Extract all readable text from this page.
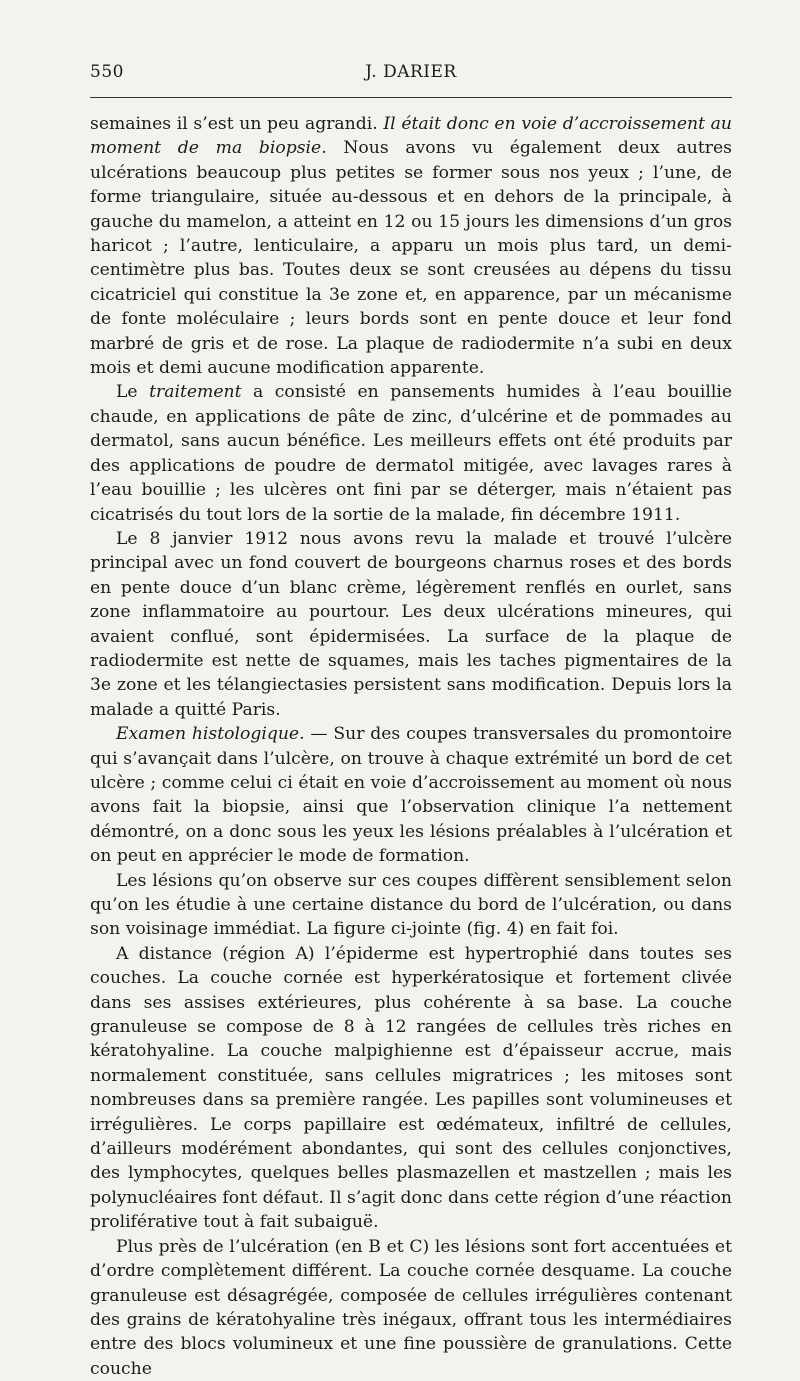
550	J. DARIER

semaines il s’est un peu agrandi. Il était donc en voie d’accroissement au moment de ma biopsie. Nous avons vu également deux autres ulcérations beaucoup plus petites se former sous nos yeux ; l’une, de forme triangulaire, située au-dessous et en dehors de la principale, à gauche du mamelon, a atteint en 12 ou 15 jours les dimensions d’un gros haricot ; l’autre, lenticulaire, a apparu un mois plus tard, un demi-centimètre plus bas. Toutes deux se sont creusées au dépens du tissu cicatriciel qui constitue la 3e zone et, en apparence, par un mécanisme de fonte moléculaire ; leurs bords sont en pente douce et leur fond marbré de gris et de rose. La plaque de radiodermite n’a subi en deux mois et demi aucune modification apparente.

Le traitement a consisté en pansements humides à l’eau bouillie chaude, en applications de pâte de zinc, d’ulcérine et de pommades au dermatol, sans aucun bénéfice. Les meilleurs effets ont été produits par des applications de poudre de dermatol mitigée, avec lavages rares à l’eau bouillie ; les ulcères ont fini par se déterger, mais n’étaient pas cicatrisés du tout lors de la sortie de la malade, fin décembre 1911.

Le 8 janvier 1912 nous avons revu la malade et trouvé l’ulcère principal avec un fond couvert de bourgeons charnus roses et des bords en pente douce d’un blanc crème, légèrement renflés en ourlet, sans zone inflammatoire au pourtour. Les deux ulcérations mineures, qui avaient conflué, sont épidermisées. La surface de la plaque de radiodermite est nette de squames, mais les taches pigmentaires de la 3e zone et les télangiectasies persistent sans modification. Depuis lors la malade a quitté Paris.

Examen histologique. — Sur des coupes transversales du promontoire qui s’avançait dans l’ulcère, on trouve à chaque extrémité un bord de cet ulcère ; comme celui ci était en voie d’accroissement au moment où nous avons fait la biopsie, ainsi que l’observation clinique l’a nettement démontré, on a donc sous les yeux les lésions préalables à l’ulcération et on peut en apprécier le mode de formation.

Les lésions qu’on observe sur ces coupes diffèrent sensiblement selon qu’on les étudie à une certaine distance du bord de l’ulcération, ou dans son voisinage immédiat. La figure ci-jointe (fig. 4) en fait foi.

A distance (région A) l’épiderme est hypertrophié dans toutes ses couches. La couche cornée est hyperkératosique et fortement clivée dans ses assises extérieures, plus cohérente à sa base. La couche granuleuse se compose de 8 à 12 rangées de cellules très riches en kératohyaline. La couche malpighienne est d’épaisseur accrue, mais normalement constituée, sans cellules migratrices ; les mitoses sont nombreuses dans sa première rangée. Les papilles sont volumineuses et irrégulières. Le corps papillaire est œdémateux, infiltré de cellules, d’ailleurs modérément abondantes, qui sont des cellules conjonctives, des lymphocytes, quelques belles plasmazellen et mastzellen ; mais les polynucléaires font défaut. Il s’agit donc dans cette région d’une réaction proliférative tout à fait subaiguë.

Plus près de l’ulcération (en B et C) les lésions sont fort accentuées et d’ordre complètement différent. La couche cornée desquame. La couche granuleuse est désagrégée, composée de cellules irrégulières contenant des grains de kératohyaline très inégaux, offrant tous les intermédiaires entre des blocs volumineux et une fine poussière de granulations. Cette couche
